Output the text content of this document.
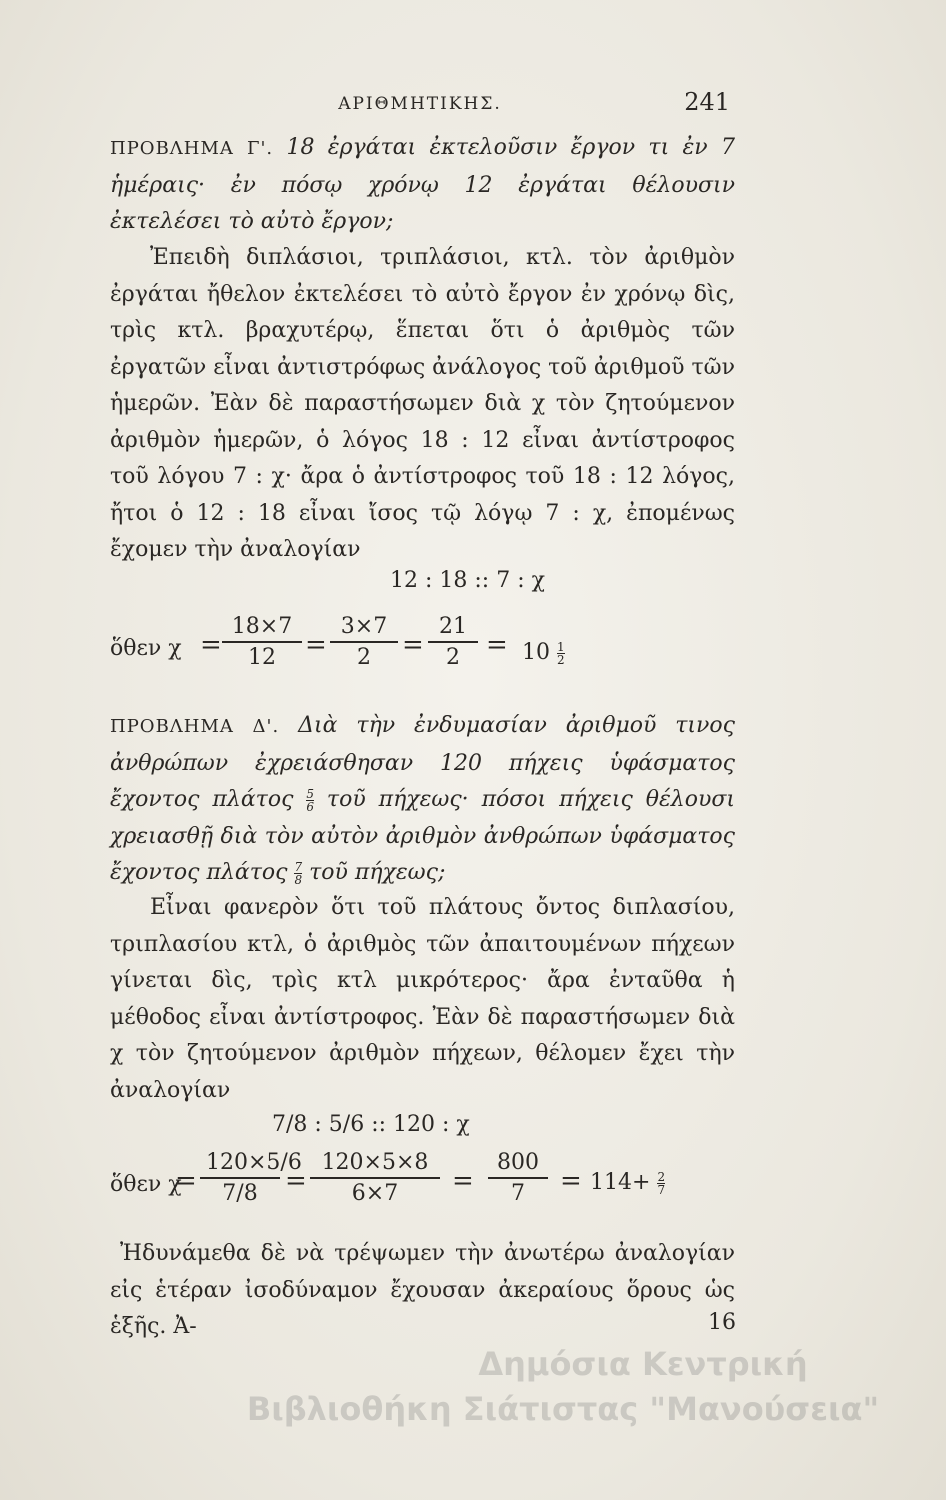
ΑΡΙΘΜΗΤΙΚΗΣ.	241
ΠΡΟΒΛΗΜΑ Γ'. 18 ἐργάται ἐκτελοῦσιν ἔργον τι ἐν 7 ἡμέραις· ἐν πόσῳ χρόνῳ 12 ἐργάται θέλουσιν ἐκτελέσει τὸ αὐτὸ ἔργον;
Ἐπειδὴ διπλάσιοι, τριπλάσιοι, κτλ. τὸν ἀριθμὸν ἐργάται ἤθελον ἐκτελέσει τὸ αὐτὸ ἔργον ἐν χρόνῳ δὶς, τρὶς κτλ. βραχυτέρῳ, ἕπεται ὅτι ὁ ἀριθμὸς τῶν ἐργατῶν εἶναι ἀντιστρόφως ἀνάλογος τοῦ ἀριθμοῦ τῶν ἡμερῶν. Ἐὰν δὲ παραστήσωμεν διὰ χ τὸν ζητούμενον ἀριθμὸν ἡμερῶν, ὁ λόγος 18 : 12 εἶναι ἀντίστροφος τοῦ λόγου 7 : χ· ἄρα ὁ ἀντίστροφος τοῦ 18 : 12 λόγος, ἤτοι ὁ 12 : 18 εἶναι ἴσος τῷ λόγῳ 7 : χ, ἐπομένως ἔχομεν τὴν ἀναλογίαν
12 : 18 :: 7 : χ
ὅθεν $\chi = \frac{18\times 7}{12} = \frac{3\times 7}{2} = \frac{21}{2} = 10 \frac{1}{2}$
ΠΡΟΒΛΗΜΑ Δ'. Διὰ τὴν ἐνδυμασίαν ἀριθμοῦ τινος ἀνθρώπων ἐχρειάσθησαν 120 πήχεις ὑφάσματος ἔχοντος πλάτος $\frac{5}{6}$ τοῦ πήχεως· πόσοι πήχεις θέλουσι χρειασθῇ διὰ τὸν αὐτὸν ἀριθμὸν ἀνθρώπων ὑφάσματος ἔχοντος πλάτος $\frac{7}{8}$ τοῦ πήχεως;
Εἶναι φανερὸν ὅτι τοῦ πλάτους ὄντος διπλασίου, τριπλασίου κτλ, ὁ ἀριθμὸς τῶν ἀπαιτουμένων πήχεων γίνεται δὶς, τρὶς κτλ μικρότερος· ἄρα ἐνταῦθα ἡ μέθοδος εἶναι ἀντίστροφος. Ἐὰν δὲ παραστήσωμεν διὰ χ τὸν ζητούμενον ἀριθμὸν πήχεων, θέλομεν ἔχει τὴν ἀναλογίαν
7/8 : 5/6 :: 120 : χ
ὅθεν χ
= $\frac{120\times 5/6}{7/8} = \frac{120\times 5\times 8}{6\times 7} = \frac{800}{7} = 114+ \frac{2}{7}$
Ἠδυνάμεθα δὲ νὰ τρέψωμεν τὴν ἀνωτέρω ἀναλογίαν εἰς ἑτέραν ἰσοδύναμον ἔχουσαν ἀκεραίους ὅρους ὡς ἑξῆς. Ἀ-	16
Δημόσια Κεντρική
Βιβλιοθήκη Σιάτιστας "Μανούσεια"
